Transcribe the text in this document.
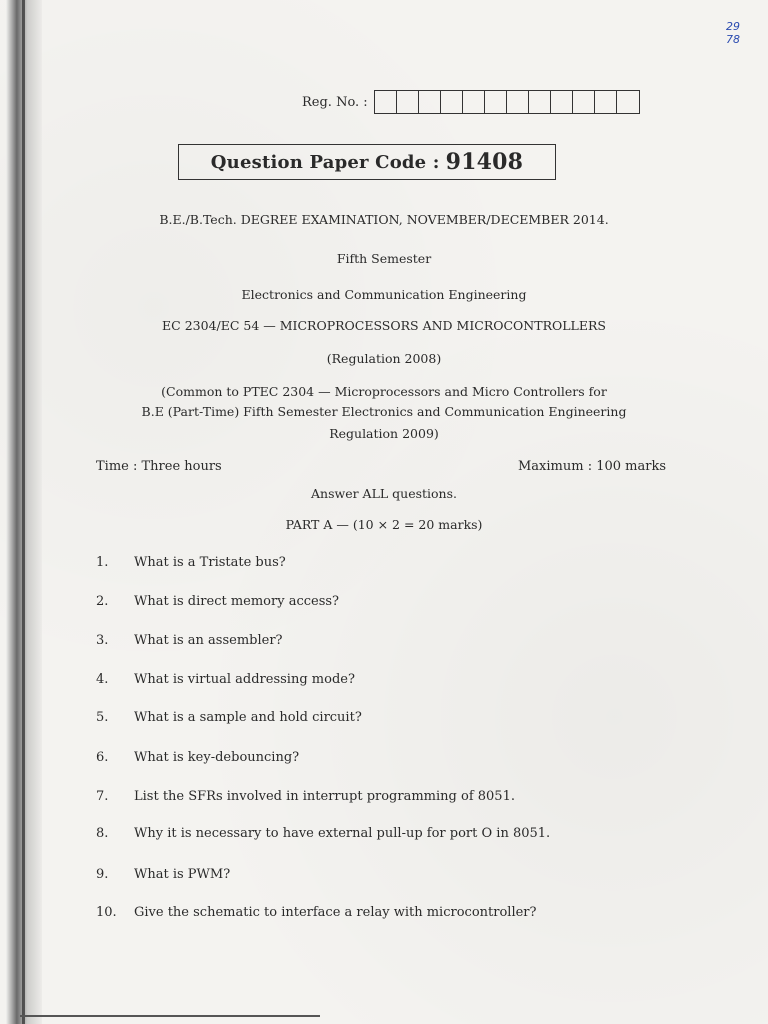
29
78
Reg. No. :
Question Paper Code : 91408
B.E./B.Tech. DEGREE EXAMINATION, NOVEMBER/DECEMBER 2014.
Fifth Semester
Electronics and Communication Engineering
EC 2304/EC 54 — MICROPROCESSORS AND MICROCONTROLLERS
(Regulation 2008)
(Common to PTEC 2304 — Microprocessors and Micro Controllers for
B.E (Part-Time) Fifth Semester Electronics and Communication Engineering
Regulation 2009)
Time : Three hours	Maximum : 100 marks
Answer ALL questions.
PART A — (10 × 2 = 20 marks)
1.	What is a Tristate bus?
2.	What is direct memory access?
3.	What is an assembler?
4.	What is virtual addressing mode?
5.	What is a sample and hold circuit?
6.	What is key-debouncing?
7.	List the SFRs involved in interrupt programming of 8051.
8.	Why it is necessary to have external pull-up for port O in 8051.
9.	What is PWM?
10.	Give the schematic to interface a relay with microcontroller?
